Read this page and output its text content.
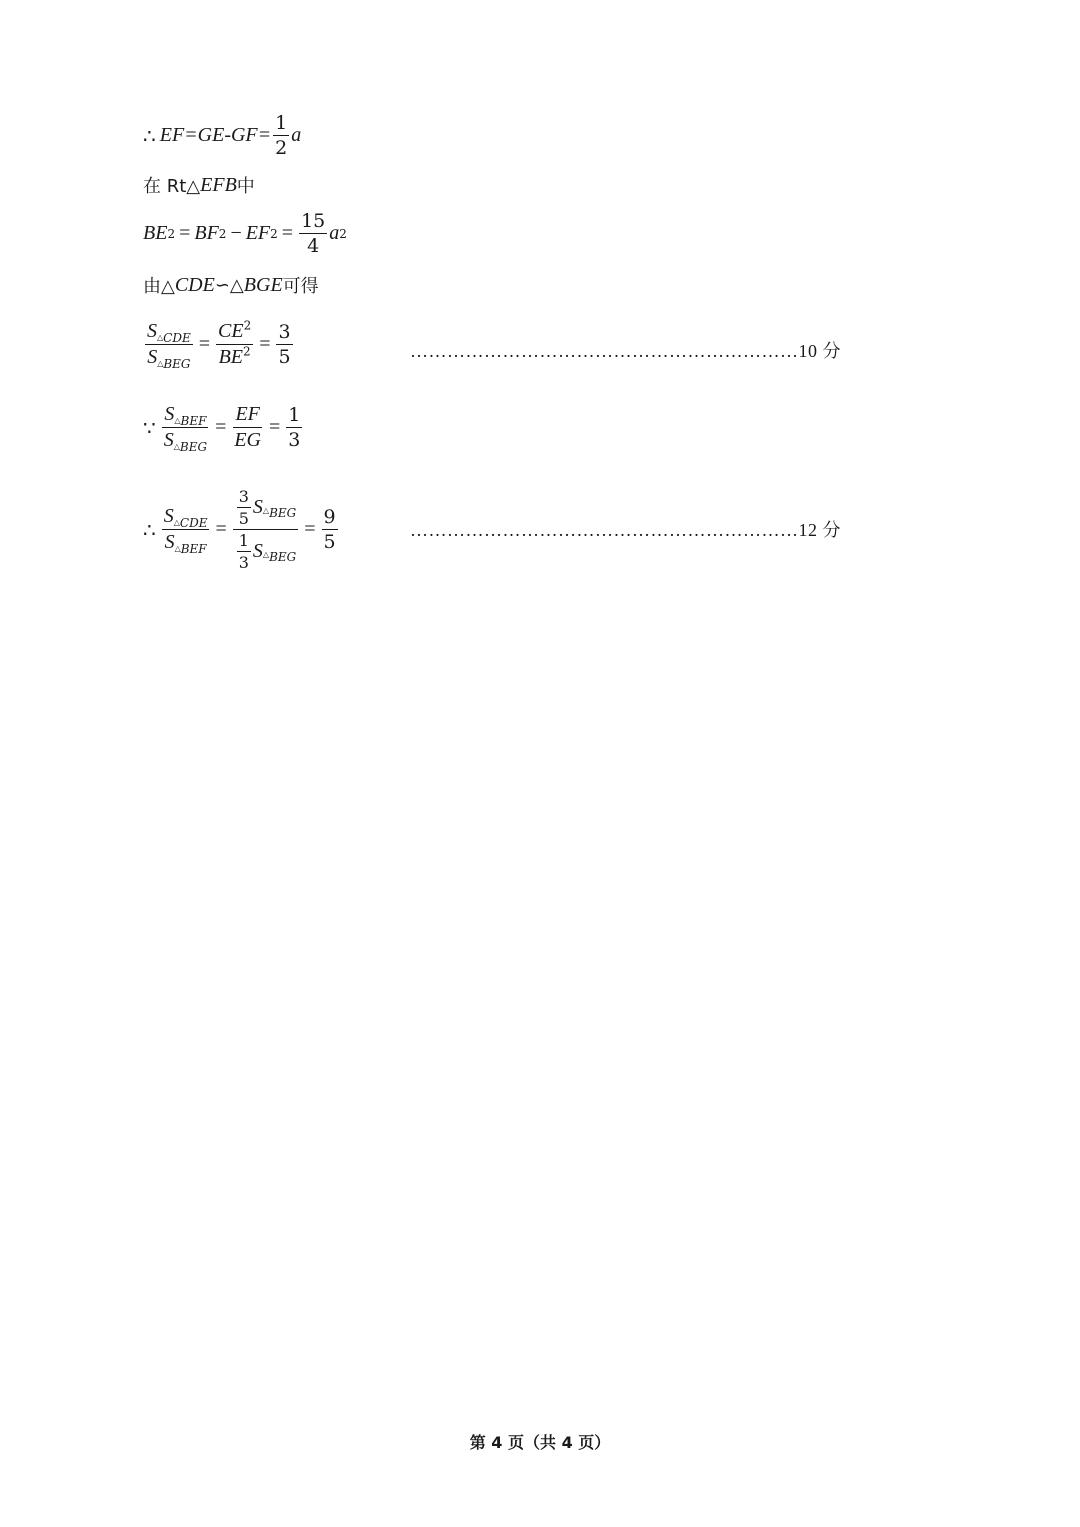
∴ $EF=GE-GF= \frac{1}{2}$ a
在 Rt△ EFB 中
BE 2 = BF 2 − EF $2 = \frac{15}{4}$ a 2
由△ CDE ∽△ BGE 可得
$\frac{S\triangle_{CDE}}{S\triangle_{BEG}} = \frac{CE^2}{BE^2} = \frac{3}{5}$	………………………………………………………10 分
∵ $\frac{S\triangle_{BEF}}{S\triangle_{BEG}} = \frac{EF}{EG} = \frac{1}{3}$
∴ $\frac{S\triangle_{CDE}}{S\triangle_{BEF}} = \frac{\frac{3}{5} S \triangle BEG}{\frac{1}{3} S \triangle BEG} = \frac{9}{5}$	………………………………………………………12 分
第 4 页（共 4 页）
